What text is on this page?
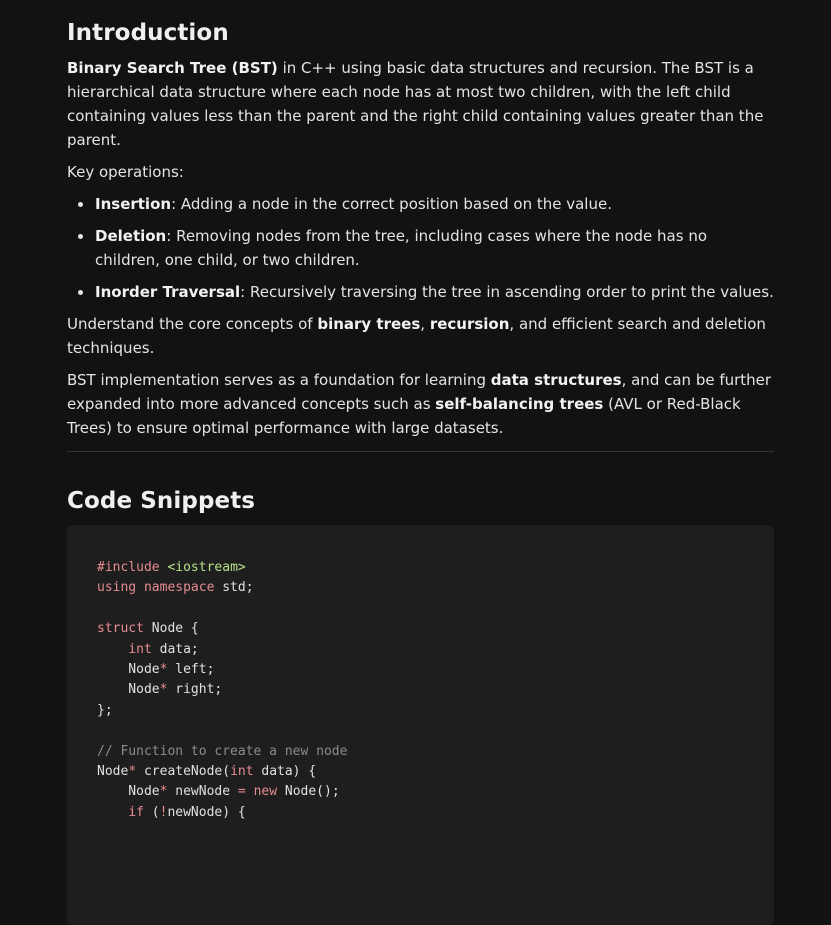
Introduction

Binary Search Tree (BST) in C++ using basic data structures and recursion. The BST is a hierarchical data structure where each node has at most two children, with the left child containing values less than the parent and the right child containing values greater than the parent.

Key operations:

Insertion: Adding a node in the correct position based on the value.
Deletion: Removing nodes from the tree, including cases where the node has no children, one child, or two children.
Inorder Traversal: Recursively traversing the tree in ascending order to print the values.

Understand the core concepts of binary trees, recursion, and efficient search and deletion techniques.

BST implementation serves as a foundation for learning data structures, and can be further expanded into more advanced concepts such as self-balancing trees (AVL or Red-Black Trees) to ensure optimal performance with large datasets.

Code Snippets
#include <iostream>
using namespace std;
struct Node {
int data;
Node* left;
Node* right;
};
// Function to create a new node
Node* createNode(int data) {
Node* newNode = new Node();
if (!newNode) {
